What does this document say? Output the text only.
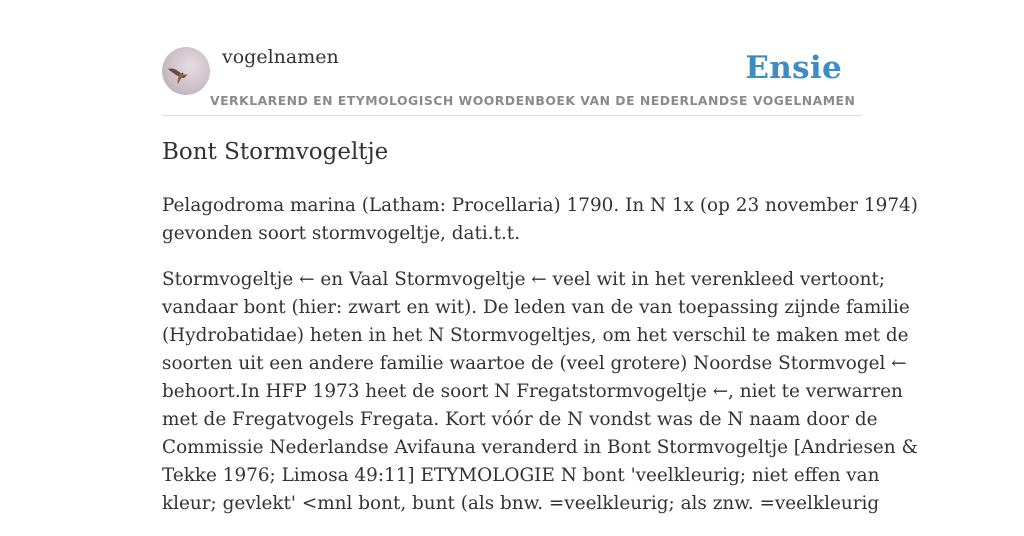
vogelnamen	Ensie
VERKLAREND EN ETYMOLOGISCH WOORDENBOEK VAN DE NEDERLANDSE VOGELNAMEN
Bont Stormvogeltje

Pelagodroma marina (Latham: Procellaria) 1790. In N 1x (op 23 november 1974)
gevonden soort stormvogeltje, dati.t.t.

Stormvogeltje ← en Vaal Stormvogeltje ← veel wit in het verenkleed vertoont;
vandaar bont (hier: zwart en wit). De leden van de van toepassing zijnde familie
(Hydrobatidae) heten in het N Stormvogeltjes, om het verschil te maken met de
soorten uit een andere familie waartoe de (veel grotere) Noordse Stormvogel ←
behoort.In HFP 1973 heet de soort N Fregatstormvogeltje ←, niet te verwarren
met de Fregatvogels Fregata. Kort vóór de N vondst was de N naam door de
Commissie Nederlandse Avifauna veranderd in Bont Stormvogeltje [Andriesen &
Tekke 1976; Limosa 49:11] ETYMOLOGIE N bont 'veelkleurig; niet effen van
kleur; gevlekt' <mnl bont, bunt (als bnw. =veelkleurig; als znw. =veelkleurig
